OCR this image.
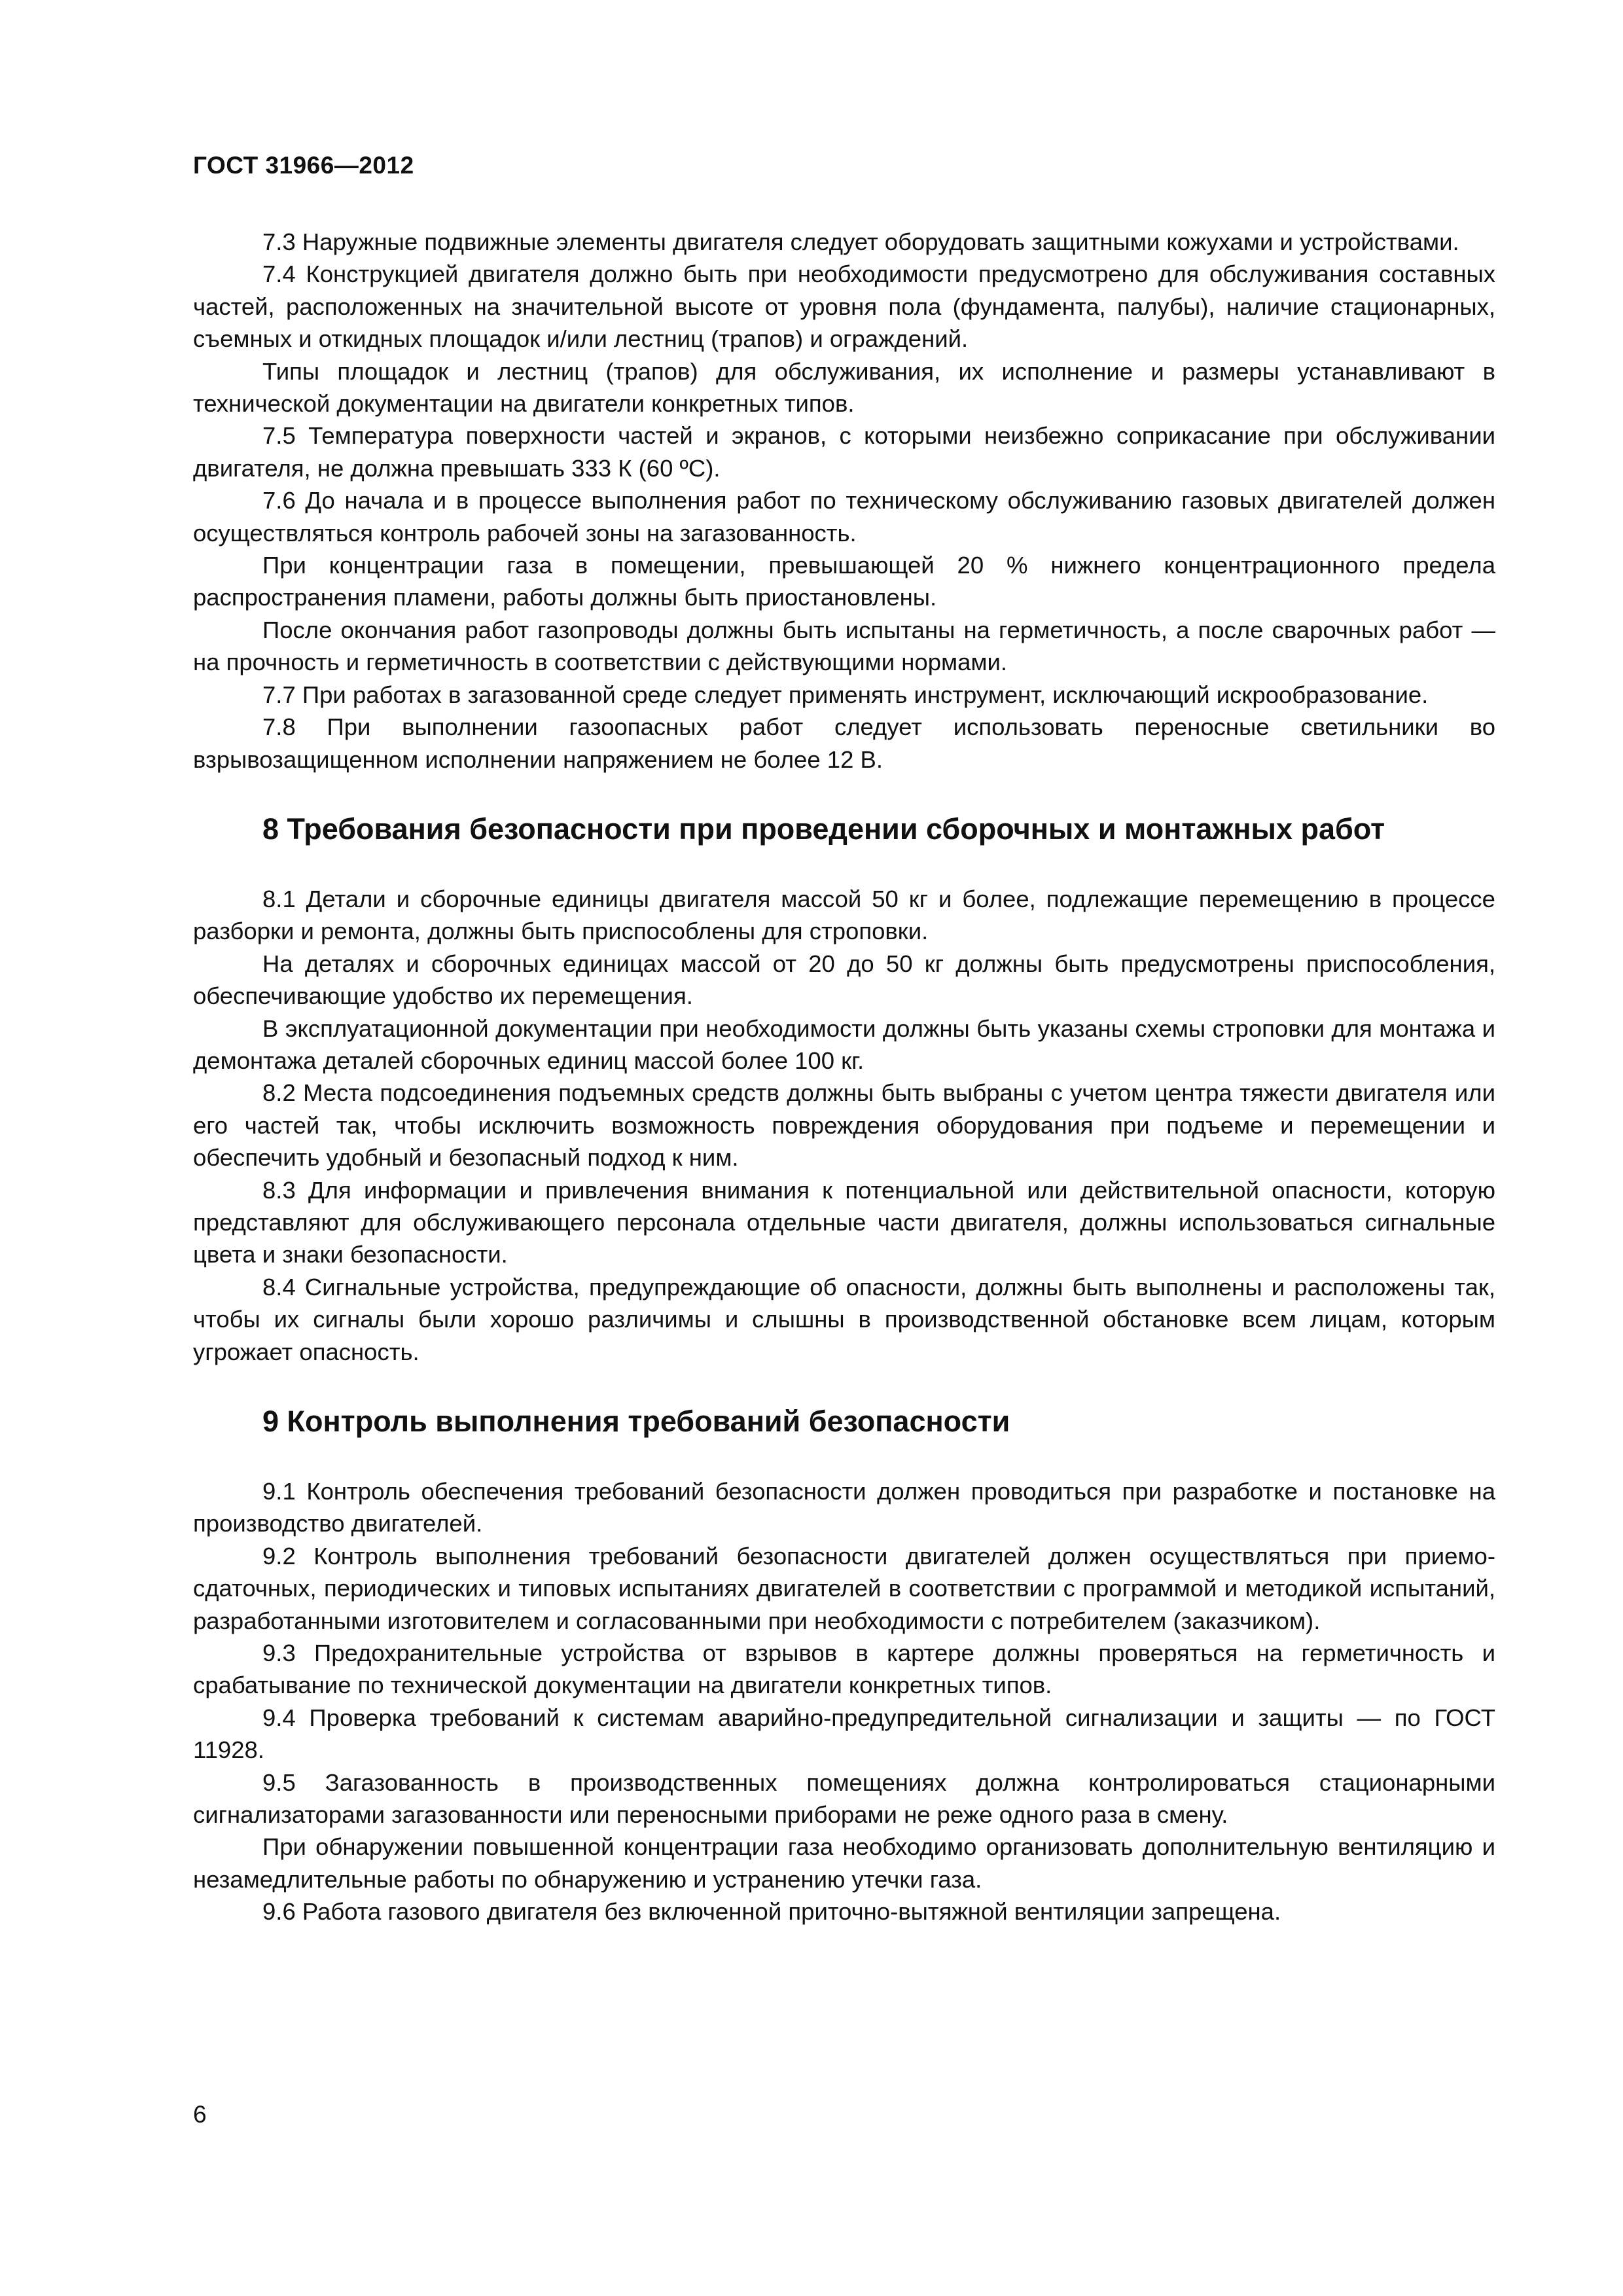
ГОСТ 31966—2012

7.3 Наружные подвижные элементы двигателя следует оборудовать защитными кожухами и устройствами.

7.4 Конструкцией двигателя должно быть при необходимости предусмотрено для обслуживания составных частей, расположенных на значительной высоте от уровня пола (фундамента, палубы), наличие стационарных, съемных и откидных площадок и/или лестниц (трапов) и ограждений.

Типы площадок и лестниц (трапов) для обслуживания, их исполнение и размеры устанавливают в технической документации на двигатели конкретных типов.

7.5 Температура поверхности частей и экранов, с которыми неизбежно соприкасание при обслуживании двигателя, не должна превышать 333 К (60 ºС).

7.6 До начала и в процессе выполнения работ по техническому обслуживанию газовых двигателей должен осуществляться контроль рабочей зоны на загазованность.

При концентрации газа в помещении, превышающей 20 % нижнего концентрационного предела распространения пламени, работы должны быть приостановлены.

После окончания работ газопроводы должны быть испытаны на герметичность, а после сварочных работ — на прочность и герметичность в соответствии с действующими нормами.

7.7 При работах в загазованной среде следует применять инструмент, исключающий искрообразование.

7.8 При выполнении газоопасных работ следует использовать переносные светильники во взрывозащищенном исполнении напряжением не более 12 В.

8 Требования безопасности при проведении сборочных и монтажных работ

8.1 Детали и сборочные единицы двигателя массой 50 кг и более, подлежащие перемещению в процессе разборки и ремонта, должны быть приспособлены для строповки.

На деталях и сборочных единицах массой от 20 до 50 кг должны быть предусмотрены приспособления, обеспечивающие удобство их перемещения.

В эксплуатационной документации при необходимости должны быть указаны схемы строповки для монтажа и демонтажа деталей сборочных единиц массой более 100 кг.

8.2 Места подсоединения подъемных средств должны быть выбраны с учетом центра тяжести двигателя или его частей так, чтобы исключить возможность повреждения оборудования при подъеме и перемещении и обеспечить удобный и безопасный подход к ним.

8.3 Для информации и привлечения внимания к потенциальной или действительной опасности, которую представляют для обслуживающего персонала отдельные части двигателя, должны использоваться сигнальные цвета и знаки безопасности.

8.4 Сигнальные устройства, предупреждающие об опасности, должны быть выполнены и расположены так, чтобы их сигналы были хорошо различимы и слышны в производственной обстановке всем лицам, которым угрожает опасность.

9 Контроль выполнения требований безопасности

9.1 Контроль обеспечения требований безопасности должен проводиться при разработке и постановке на производство двигателей.

9.2 Контроль выполнения требований безопасности двигателей должен осуществляться при приемо-сдаточных, периодических и типовых испытаниях двигателей в соответствии с программой и методикой испытаний, разработанными изготовителем и согласованными при необходимости с потребителем (заказчиком).

9.3 Предохранительные устройства от взрывов в картере должны проверяться на герметичность и срабатывание по технической документации на двигатели конкретных типов.

9.4 Проверка требований к системам аварийно-предупредительной сигнализации и защиты — по ГОСТ 11928.

9.5 Загазованность в производственных помещениях должна контролироваться стационарными сигнализаторами загазованности или переносными приборами не реже одного раза в смену.

При обнаружении повышенной концентрации газа необходимо организовать дополнительную вентиляцию и незамедлительные работы по обнаружению и устранению утечки газа.

9.6 Работа газового двигателя без включенной приточно-вытяжной вентиляции запрещена.

6
